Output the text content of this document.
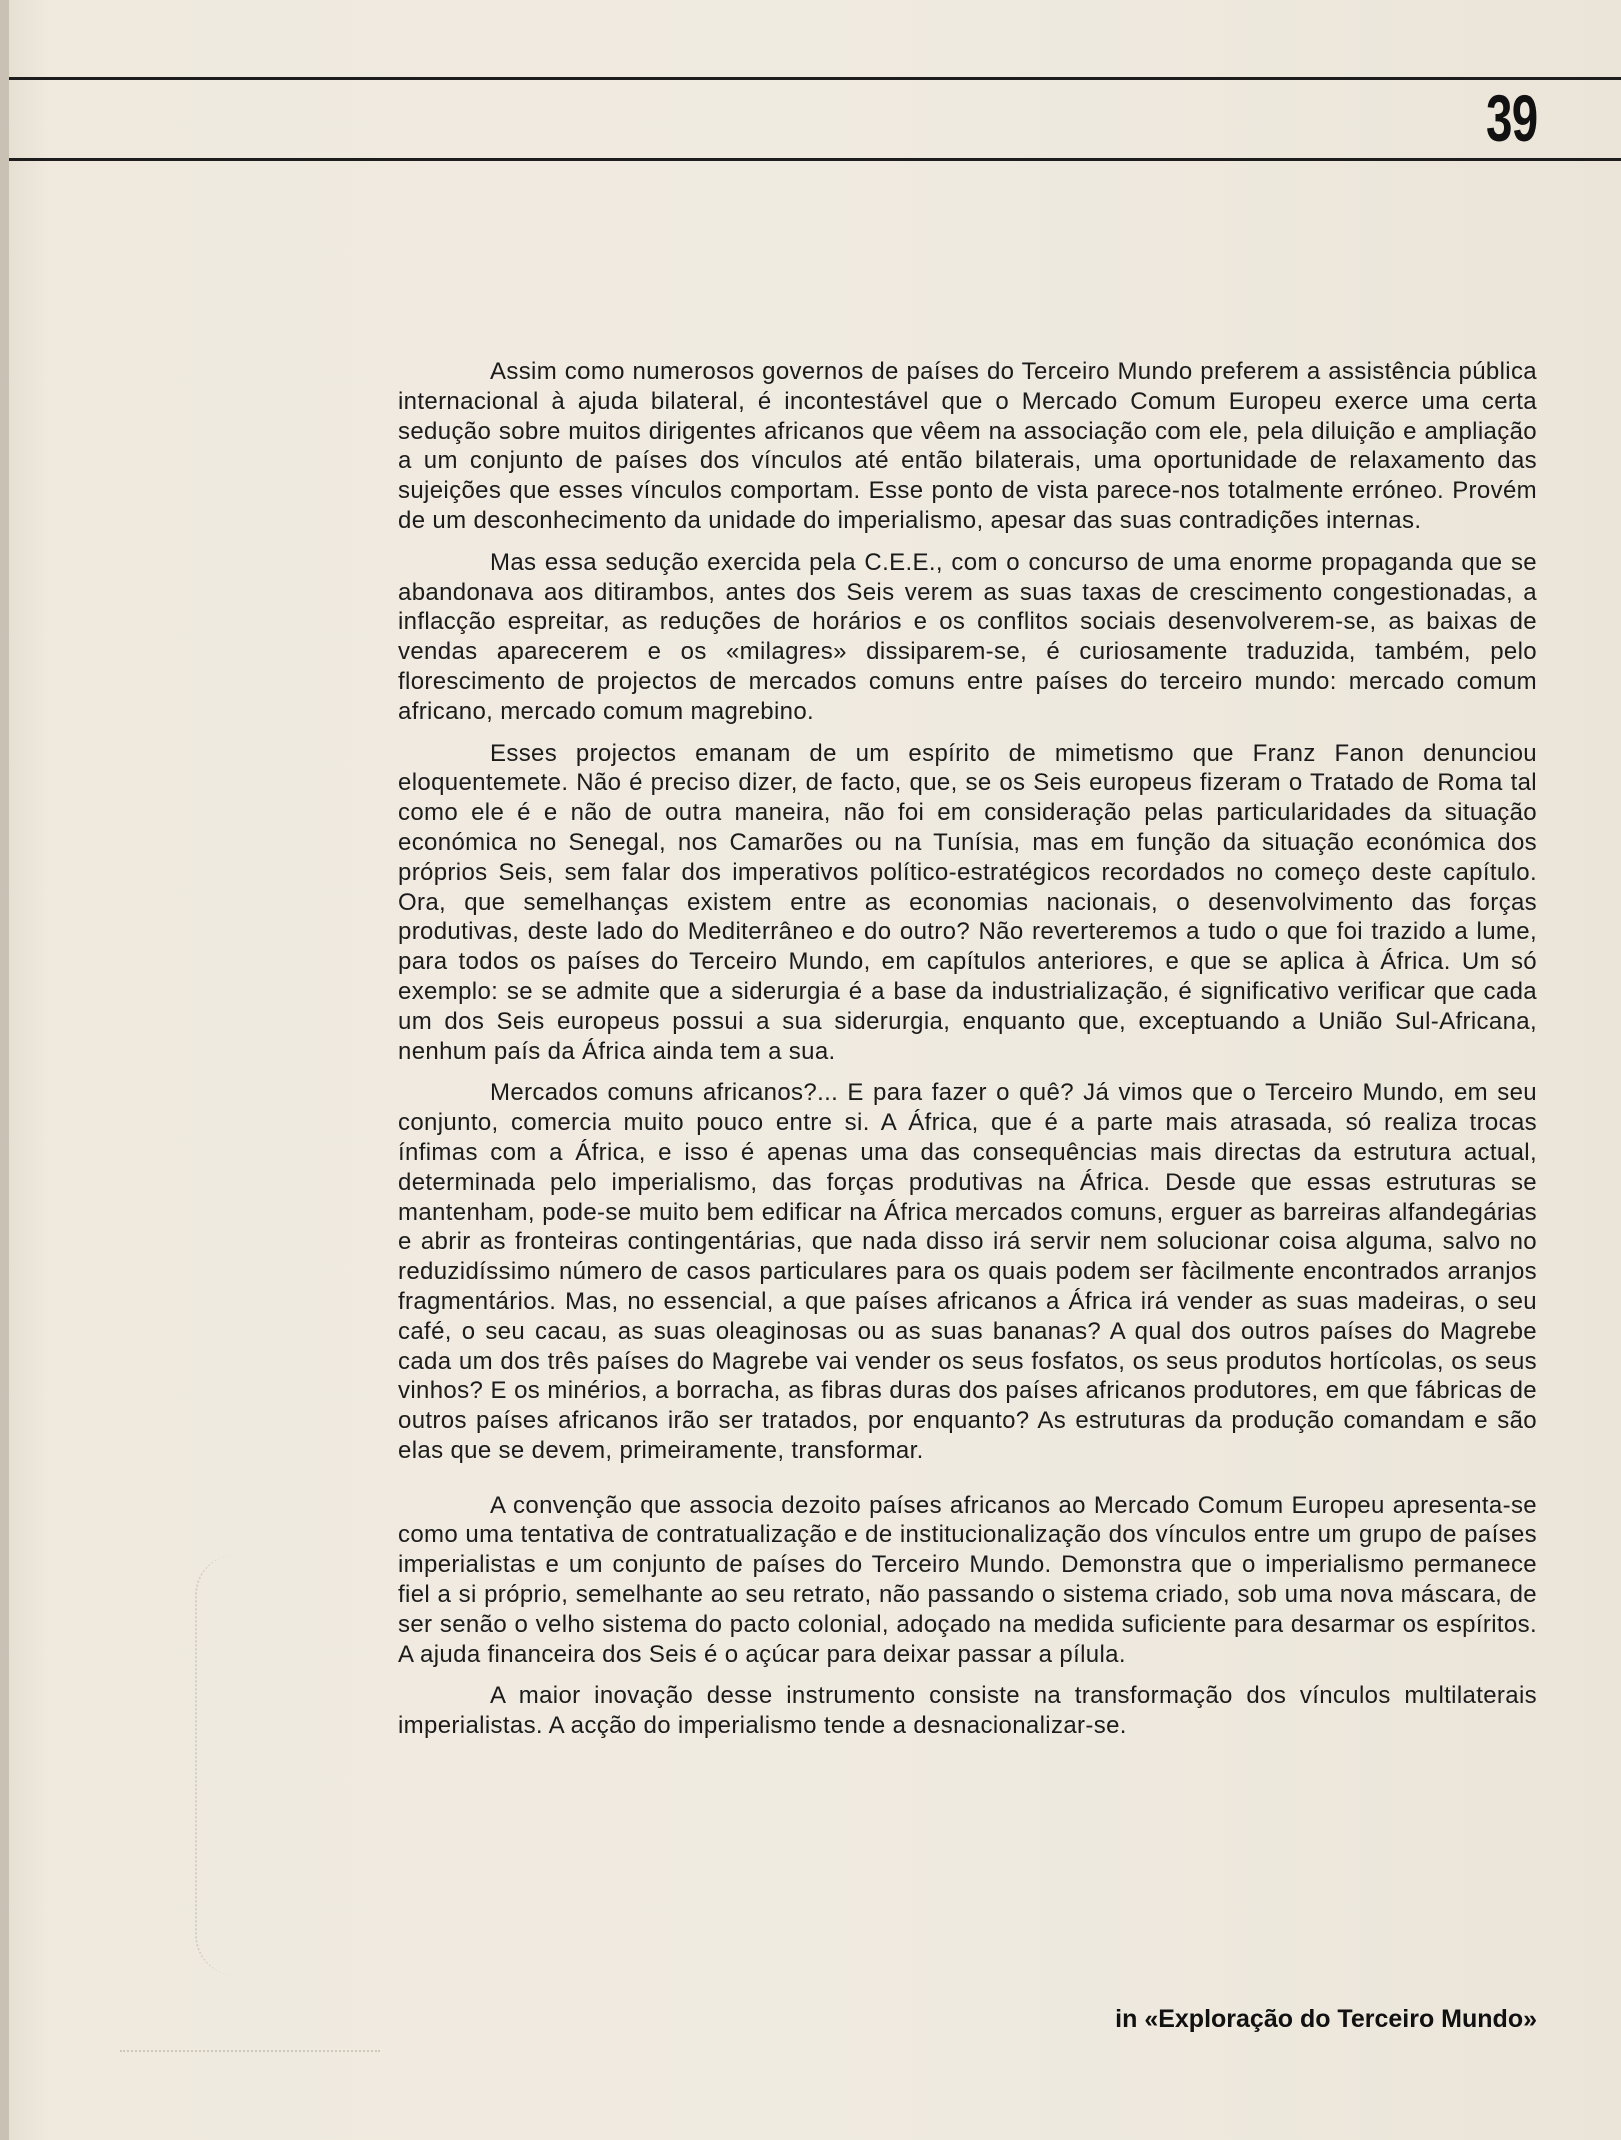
39

Assim como numerosos governos de países do Terceiro Mundo preferem a assistência pública internacional à ajuda bilateral, é incontestável que o Mercado Comum Europeu exerce uma certa sedução sobre muitos dirigentes africanos que vêem na associação com ele, pela diluição e ampliação a um conjunto de países dos vínculos até então bilaterais, uma oportunidade de relaxamento das sujeições que esses vínculos comportam. Esse ponto de vista parece-nos totalmente erróneo. Provém de um desconhecimento da unidade do imperialismo, apesar das suas contradições internas.

Mas essa sedução exercida pela C.E.E., com o concurso de uma enorme propaganda que se abandonava aos ditirambos, antes dos Seis verem as suas taxas de crescimento congestionadas, a inflacção espreitar, as reduções de horários e os conflitos sociais desenvolverem-se, as baixas de vendas aparecerem e os «milagres» dissiparem-se, é curiosamente traduzida, também, pelo florescimento de projectos de mercados comuns entre países do terceiro mundo: mercado comum africano, mercado comum magrebino.

Esses projectos emanam de um espírito de mimetismo que Franz Fanon denunciou eloquentemete. Não é preciso dizer, de facto, que, se os Seis europeus fizeram o Tratado de Roma tal como ele é e não de outra maneira, não foi em consideração pelas particularidades da situação económica no Senegal, nos Camarões ou na Tunísia, mas em função da situação económica dos próprios Seis, sem falar dos imperativos político-estratégicos recordados no começo deste capítulo. Ora, que semelhanças existem entre as economias nacionais, o desenvolvimento das forças produtivas, deste lado do Mediterrâneo e do outro? Não reverteremos a tudo o que foi trazido a lume, para todos os países do Terceiro Mundo, em capítulos anteriores, e que se aplica à África. Um só exemplo: se se admite que a siderurgia é a base da industrialização, é significativo verificar que cada um dos Seis europeus possui a sua siderurgia, enquanto que, exceptuando a União Sul-Africana, nenhum país da África ainda tem a sua.

Mercados comuns africanos?... E para fazer o quê? Já vimos que o Terceiro Mundo, em seu conjunto, comercia muito pouco entre si. A África, que é a parte mais atrasada, só realiza trocas ínfimas com a África, e isso é apenas uma das consequências mais directas da estrutura actual, determinada pelo imperialismo, das forças produtivas na África. Desde que essas estruturas se mantenham, pode-se muito bem edificar na África mercados comuns, erguer as barreiras alfandegárias e abrir as fronteiras contingentárias, que nada disso irá servir nem solucionar coisa alguma, salvo no reduzidíssimo número de casos particulares para os quais podem ser fàcilmente encontrados arranjos fragmentários. Mas, no essencial, a que países africanos a África irá vender as suas madeiras, o seu café, o seu cacau, as suas oleaginosas ou as suas bananas? A qual dos outros países do Magrebe cada um dos três países do Magrebe vai vender os seus fosfatos, os seus produtos hortícolas, os seus vinhos? E os minérios, a borracha, as fibras duras dos países africanos produtores, em que fábricas de outros países africanos irão ser tratados, por enquanto? As estruturas da produção comandam e são elas que se devem, primeiramente, transformar.

A convenção que associa dezoito países africanos ao Mercado Comum Europeu apresenta-se como uma tentativa de contratualização e de institucionalização dos vínculos entre um grupo de países imperialistas e um conjunto de países do Terceiro Mundo. Demonstra que o imperialismo permanece fiel a si próprio, semelhante ao seu retrato, não passando o sistema criado, sob uma nova máscara, de ser senão o velho sistema do pacto colonial, adoçado na medida suficiente para desarmar os espíritos. A ajuda financeira dos Seis é o açúcar para deixar passar a pílula.

A maior inovação desse instrumento consiste na transformação dos vínculos multilaterais imperialistas. A acção do imperialismo tende a desnacionalizar-se.

in «Exploração do Terceiro Mundo»
